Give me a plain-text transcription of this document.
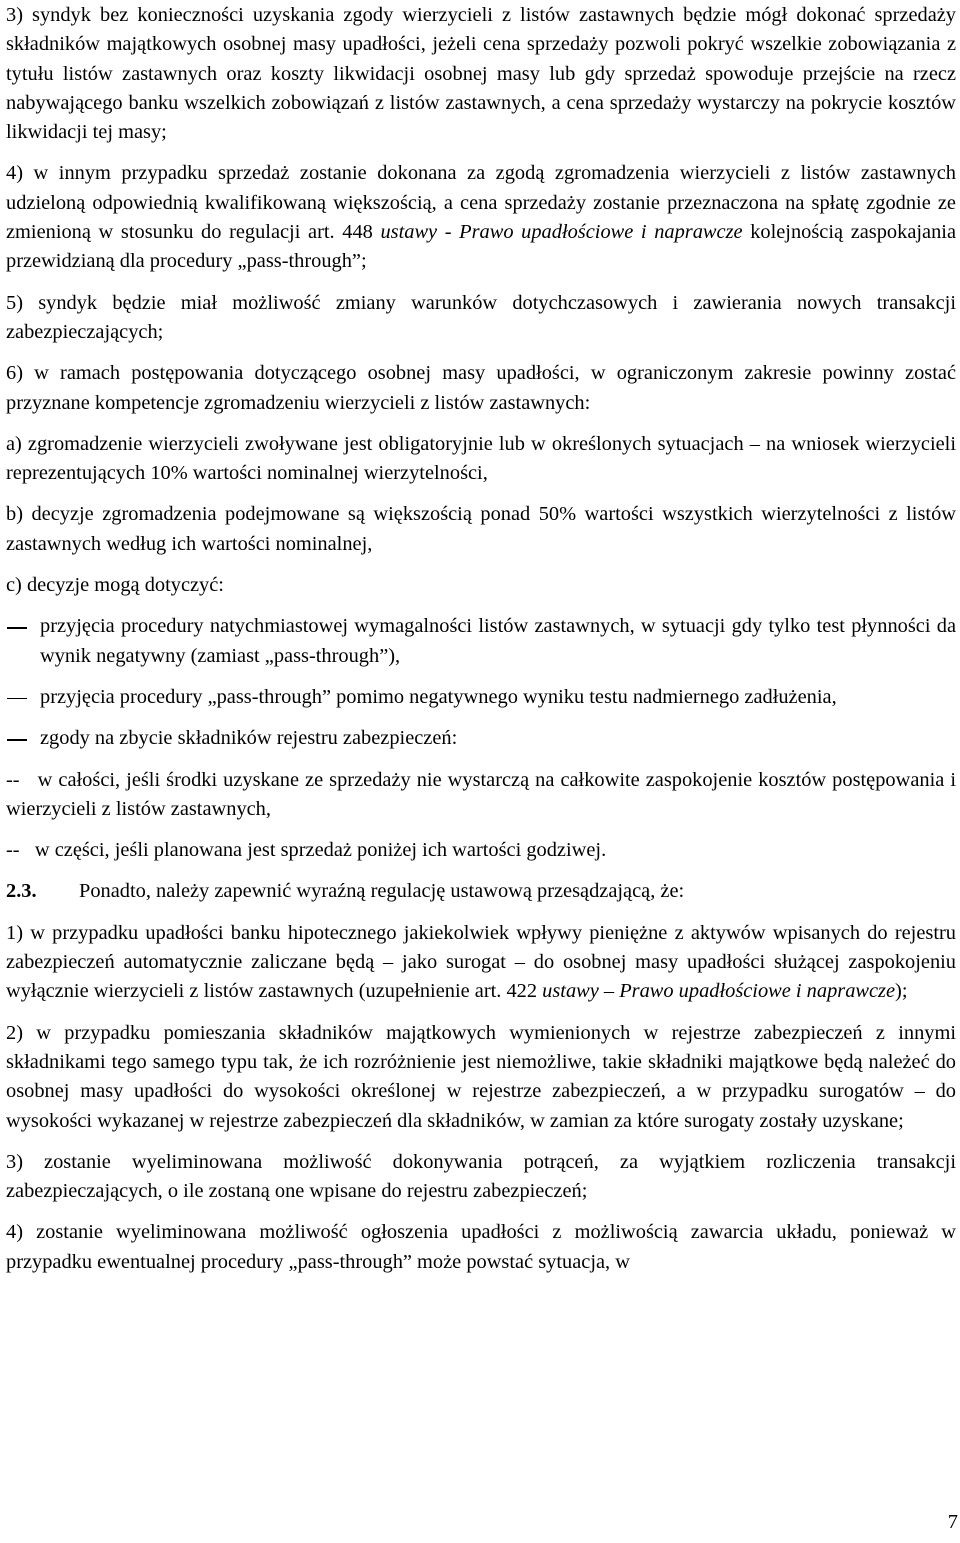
3) syndyk bez konieczności uzyskania zgody wierzycieli z listów zastawnych będzie mógł dokonać sprzedaży składników majątkowych osobnej masy upadłości, jeżeli cena sprzedaży pozwoli pokryć wszelkie zobowiązania z tytułu listów zastawnych oraz koszty likwidacji osobnej masy lub gdy sprzedaż spowoduje przejście na rzecz nabywającego banku wszelkich zobowiązań z listów zastawnych, a cena sprzedaży wystarczy na pokrycie kosztów likwidacji tej masy;

4) w innym przypadku sprzedaż zostanie dokonana za zgodą zgromadzenia wierzycieli z listów zastawnych udzieloną odpowiednią kwalifikowaną większością, a cena sprzedaży zostanie przeznaczona na spłatę zgodnie ze zmienioną w stosunku do regulacji art. 448 ustawy - Prawo upadłościowe i naprawcze kolejnością zaspokajania przewidzianą dla procedury „pass-through”;

5) syndyk będzie miał możliwość zmiany warunków dotychczasowych i zawierania nowych transakcji zabezpieczających;

6) w ramach postępowania dotyczącego osobnej masy upadłości, w ograniczonym zakresie powinny zostać przyznane kompetencje zgromadzeniu wierzycieli z listów zastawnych:

a) zgromadzenie wierzycieli zwoływane jest obligatoryjnie lub w określonych sytuacjach – na wniosek wierzycieli reprezentujących 10% wartości nominalnej wierzytelności,

b) decyzje zgromadzenia podejmowane są większością ponad 50% wartości wszystkich wierzytelności z listów zastawnych według ich wartości nominalnej,

c) decyzje mogą dotyczyć:

przyjęcia procedury natychmiastowej wymagalności listów zastawnych, w sytuacji gdy tylko test płynności da wynik negatywny (zamiast „pass-through”),
przyjęcia procedury „pass-through” pomimo negatywnego wyniku testu nadmiernego zadłużenia,
zgody na zbycie składników rejestru zabezpieczeń:

-- w całości, jeśli środki uzyskane ze sprzedaży nie wystarczą na całkowite zaspokojenie kosztów postępowania i wierzycieli z listów zastawnych,

-- w części, jeśli planowana jest sprzedaż poniżej ich wartości godziwej.

2.3.	Ponadto, należy zapewnić wyraźną regulację ustawową przesądzającą, że:

1) w przypadku upadłości banku hipotecznego jakiekolwiek wpływy pieniężne z aktywów wpisanych do rejestru zabezpieczeń automatycznie zaliczane będą – jako surogat – do osobnej masy upadłości służącej zaspokojeniu wyłącznie wierzycieli z listów zastawnych (uzupełnienie art. 422 ustawy – Prawo upadłościowe i naprawcze);

2) w przypadku pomieszania składników majątkowych wymienionych w rejestrze zabezpieczeń z innymi składnikami tego samego typu tak, że ich rozróżnienie jest niemożliwe, takie składniki majątkowe będą należeć do osobnej masy upadłości do wysokości określonej w rejestrze zabezpieczeń, a w przypadku surogatów – do wysokości wykazanej w rejestrze zabezpieczeń dla składników, w zamian za które surogaty zostały uzyskane;

3) zostanie wyeliminowana możliwość dokonywania potrąceń, za wyjątkiem rozliczenia transakcji zabezpieczających, o ile zostaną one wpisane do rejestru zabezpieczeń;

4) zostanie wyeliminowana możliwość ogłoszenia upadłości z możliwością zawarcia układu, ponieważ w przypadku ewentualnej procedury „pass-through” może powstać sytuacja, w

7
